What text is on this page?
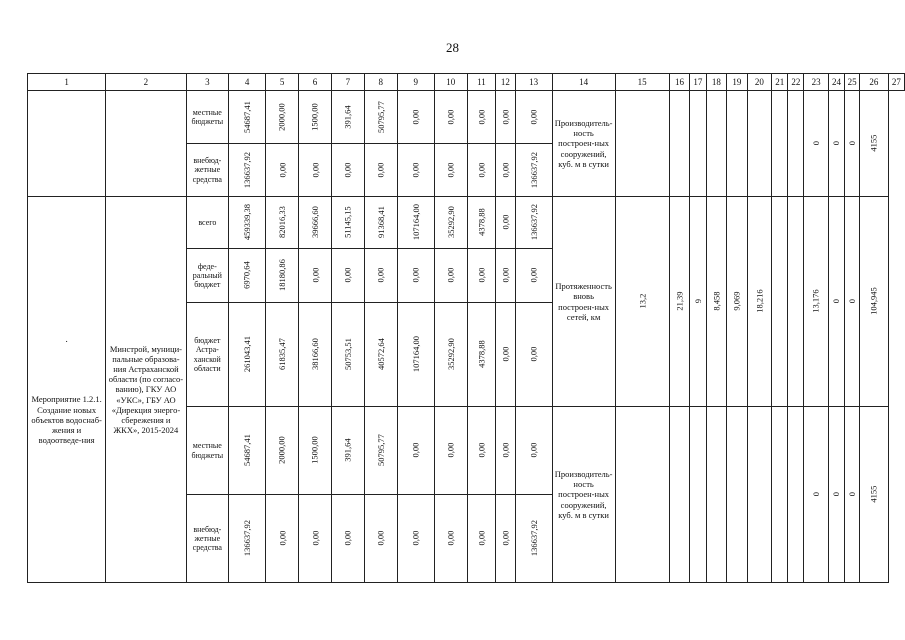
28
1	2	3	4	5	6	7	8	9	10	11	12	13	14	15	16	17	18	19	20	21	22	23	24	25	26	27
		местные бюджеты	54687,41	2000,00	1500,00	391,64	50795,77	0,00	0,00	0,00	0,00	0,00	Производитель-ность построен-ных сооружений, куб. м в сутки									0	0	0	4155	
		внебюд-жетные средства	136637,92	0,00	0,00	0,00	0,00	0,00	0,00	0,00	0,00	136637,92														

.
Мероприятие 1.2.1. Создание новых объектов водоснаб-жения и водоотведе-ния	Минстрой, муници-пальные образова-ния Астраханской области (по согласо-ванию), ГКУ АО «УКС», ГБУ АО «Дирекция энерго-сбережения и ЖКХ», 2015-2024	всего	459339,38	82016,33	39666,60	51145,15	91368,41	107164,00	35292,90	4378,88	0,00	136637,92	Протяженность вновь построен-ных сетей, км	13,2	21,39	9	8,458	9,069	18,216			13,176	0	0	104,945	
		феде-ральный бюджет	6970,64	18180,86	0,00	0,00	0,00	0,00	0,00	0,00	0,00	0,00														
		бюджет Астра-ханской области	261043,41	61835,47	38166,60	50753,51	40572,64	107164,00	35292,90	4378,88	0,00	0,00														
		местные бюджеты	54687,41	2000,00	1500,00	391,64	50795,77	0,00	0,00	0,00	0,00	0,00	Производитель-ность построен-ных сооружений, куб. м в сутки									0	0	0	4155	
		внебюд-жетные средства	136637,92	0,00	0,00	0,00	0,00	0,00	0,00	0,00	0,00	136637,92														
